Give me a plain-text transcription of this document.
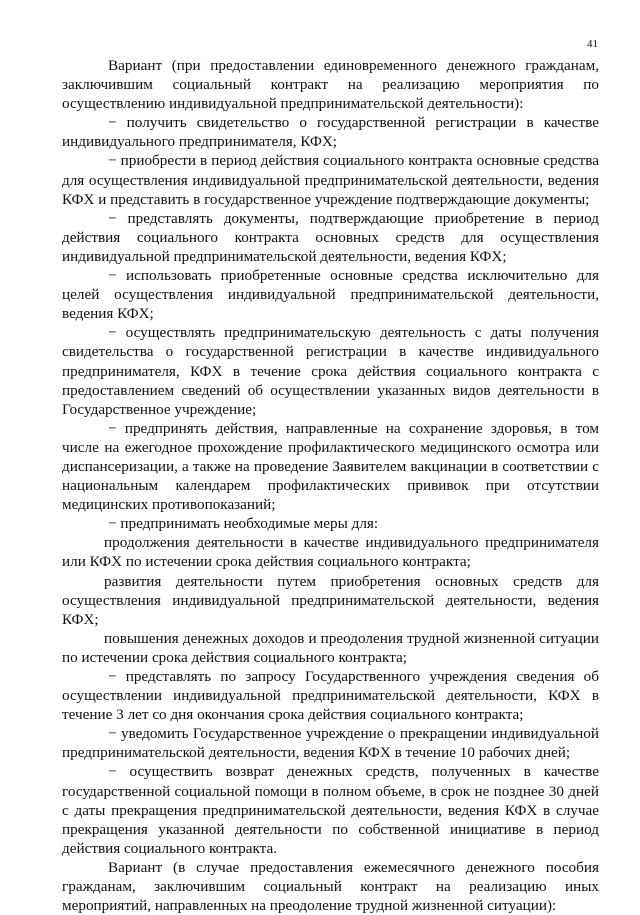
41

Вариант (при предоставлении единовременного денежного гражданам, заключившим социальный контракт на реализацию мероприятия по осуществлению индивидуальной предпринимательской деятельности):

− получить свидетельство о государственной регистрации в качестве индивидуального предпринимателя, КФХ;

− приобрести в период действия социального контракта основные средства для осуществления индивидуальной предпринимательской деятельности, ведения КФХ и представить в государственное учреждение подтверждающие документы;

− представлять документы, подтверждающие приобретение в период действия социального контракта основных средств для осуществления индивидуальной предпринимательской деятельности, ведения КФХ;

− использовать приобретенные основные средства исключительно для целей осуществления индивидуальной предпринимательской деятельности, ведения КФХ;

− осуществлять предпринимательскую деятельность с даты получения свидетельства о государственной регистрации в качестве индивидуального предпринимателя, КФХ в течение срока действия социального контракта с предоставлением сведений об осуществлении указанных видов деятельности в Государственное учреждение;

− предпринять действия, направленные на сохранение здоровья, в том числе на ежегодное прохождение профилактического медицинского осмотра или диспансеризации, а также на проведение Заявителем вакцинации в соответствии с национальным календарем профилактических прививок при отсутствии медицинских противопоказаний;

− предпринимать необходимые меры для:

продолжения деятельности в качестве индивидуального предпринимателя или КФХ по истечении срока действия социального контракта;

развития деятельности путем приобретения основных средств для осуществления индивидуальной предпринимательской деятельности, ведения КФХ;

повышения денежных доходов и преодоления трудной жизненной ситуации по истечении срока действия социального контракта;

− представлять по запросу Государственного учреждения сведения об осуществлении индивидуальной предпринимательской деятельности, КФХ в течение 3 лет со дня окончания срока действия социального контракта;

− уведомить Государственное учреждение о прекращении индивидуальной предпринимательской деятельности, ведения КФХ в течение 10 рабочих дней;

− осуществить возврат денежных средств, полученных в качестве государственной социальной помощи в полном объеме, в срок не позднее 30 дней с даты прекращения предпринимательской деятельности, ведения КФХ в случае прекращения указанной деятельности по собственной инициативе в период действия социального контракта.

Вариант (в случае предоставления ежемесячного денежного пособия гражданам, заключившим социальный контракт на реализацию иных мероприятий, направленных на преодоление трудной жизненной ситуации):
